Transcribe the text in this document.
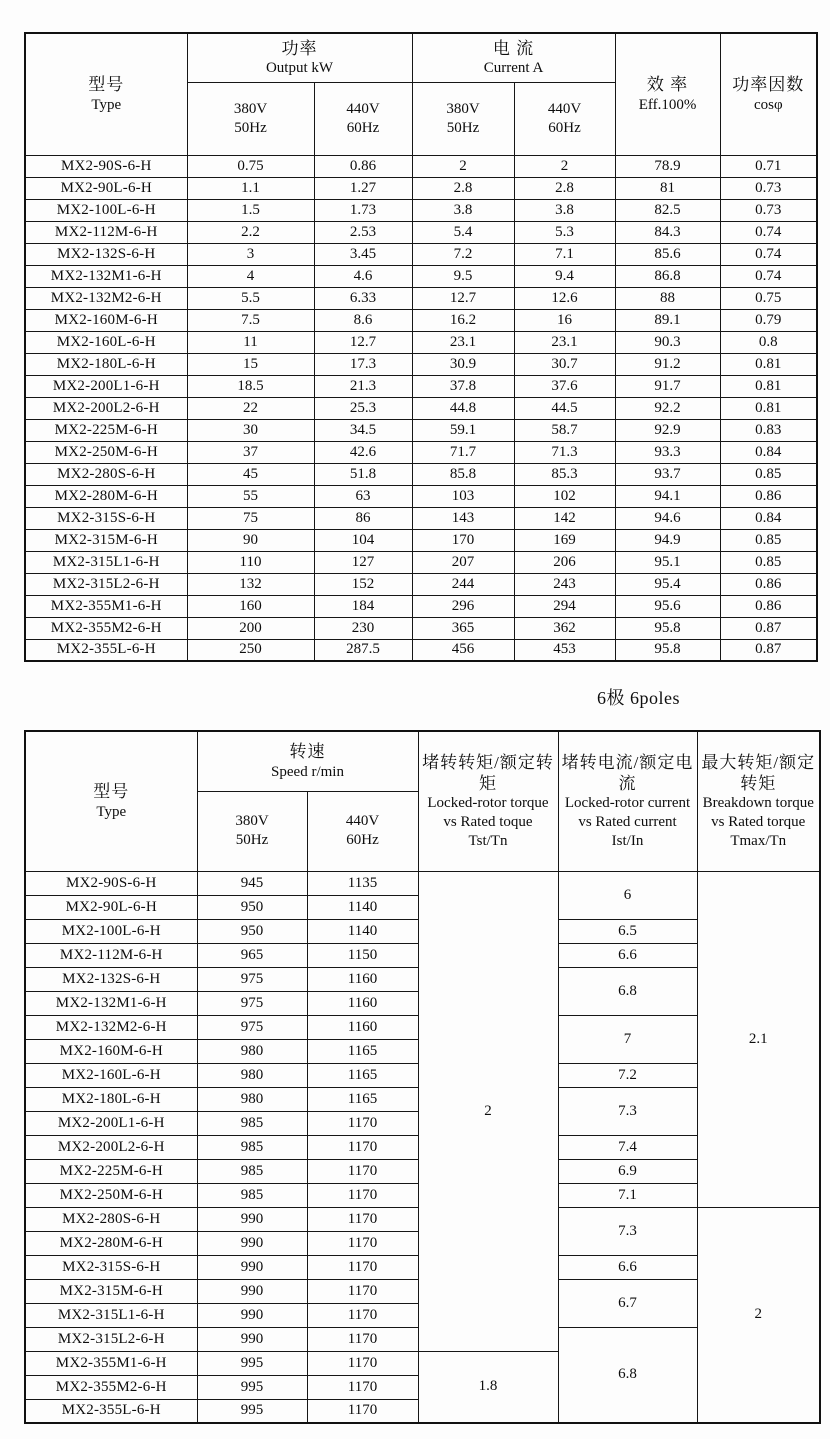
型号
Type	功率
Output kW		电 流
Current A		效 率
Eff.100%	功率因数
cosφ

	380V
50Hz	440V
60Hz	380V
50Hz	440V
60Hz		

MX2-90S-6-H	0.75	0.86	2	2	78.9	0.71
MX2-90L-6-H	1.1	1.27	2.8	2.8	81	0.73
MX2-100L-6-H	1.5	1.73	3.8	3.8	82.5	0.73
MX2-112M-6-H	2.2	2.53	5.4	5.3	84.3	0.74
MX2-132S-6-H	3	3.45	7.2	7.1	85.6	0.74
MX2-132M1-6-H	4	4.6	9.5	9.4	86.8	0.74
MX2-132M2-6-H	5.5	6.33	12.7	12.6	88	0.75
MX2-160M-6-H	7.5	8.6	16.2	16	89.1	0.79
MX2-160L-6-H	11	12.7	23.1	23.1	90.3	0.8
MX2-180L-6-H	15	17.3	30.9	30.7	91.2	0.81
MX2-200L1-6-H	18.5	21.3	37.8	37.6	91.7	0.81
MX2-200L2-6-H	22	25.3	44.8	44.5	92.2	0.81
MX2-225M-6-H	30	34.5	59.1	58.7	92.9	0.83
MX2-250M-6-H	37	42.6	71.7	71.3	93.3	0.84
MX2-280S-6-H	45	51.8	85.8	85.3	93.7	0.85
MX2-280M-6-H	55	63	103	102	94.1	0.86
MX2-315S-6-H	75	86	143	142	94.6	0.84
MX2-315M-6-H	90	104	170	169	94.9	0.85
MX2-315L1-6-H	110	127	207	206	95.1	0.85
MX2-315L2-6-H	132	152	244	243	95.4	0.86
MX2-355M1-6-H	160	184	296	294	95.6	0.86
MX2-355M2-6-H	200	230	365	362	95.8	0.87
MX2-355L-6-H	250	287.5	456	453	95.8	0.87
6极 6poles
型号
Type	转速
Speed r/min		堵转转矩/额定转矩
Locked-rotor torque vs Rated toque
Tst/Tn	堵转电流/额定电流
Locked-rotor current vs Rated current
Ist/In	最大转矩/额定转矩
Breakdown torque vs Rated torque
Tmax/Tn

	380V
50Hz	440V
60Hz			

MX2-90S-6-H	945	1135	2	6	2.1
MX2-90L-6-H	950	1140			
MX2-100L-6-H	950	1140		6.5	
MX2-112M-6-H	965	1150		6.6	
MX2-132S-6-H	975	1160		6.8	
MX2-132M1-6-H	975	1160			
MX2-132M2-6-H	975	1160		7	
MX2-160M-6-H	980	1165			
MX2-160L-6-H	980	1165		7.2	
MX2-180L-6-H	980	1165		7.3	
MX2-200L1-6-H	985	1170			
MX2-200L2-6-H	985	1170		7.4	
MX2-225M-6-H	985	1170		6.9	
MX2-250M-6-H	985	1170		7.1	
MX2-280S-6-H	990	1170		7.3	2
MX2-280M-6-H	990	1170			
MX2-315S-6-H	990	1170		6.6	
MX2-315M-6-H	990	1170		6.7	
MX2-315L1-6-H	990	1170			
MX2-315L2-6-H	990	1170		6.8	
MX2-355M1-6-H	995	1170	1.8		
MX2-355M2-6-H	995	1170			
MX2-355L-6-H	995	1170			
